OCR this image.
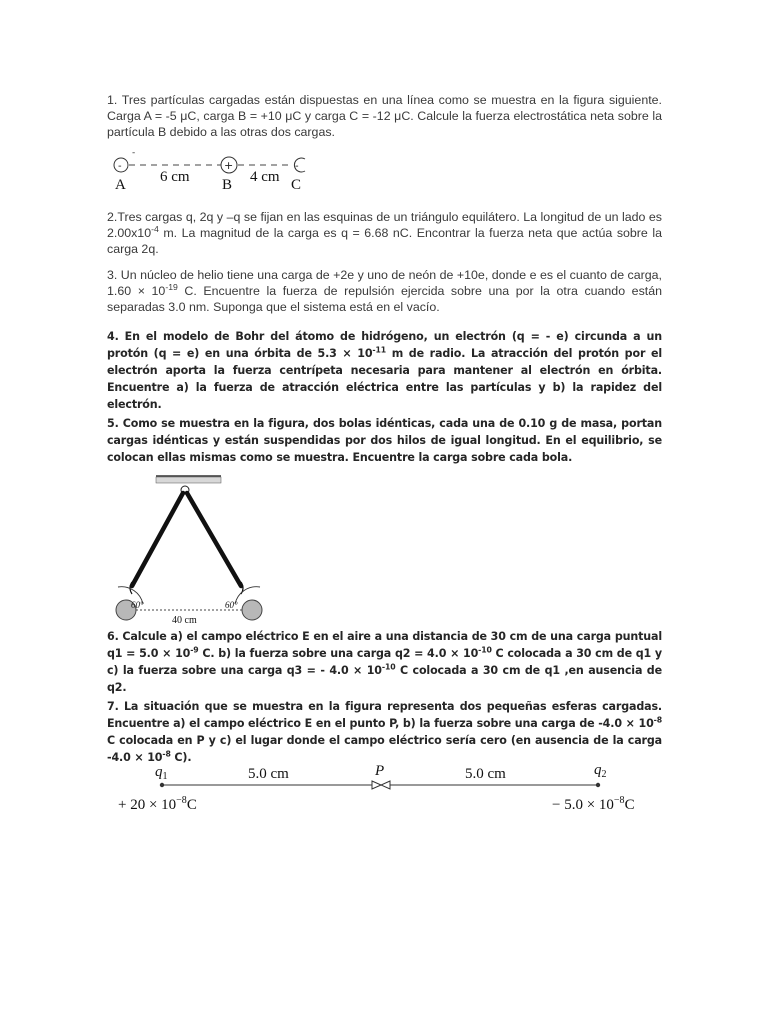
1. Tres partículas cargadas están dispuestas en una línea como se muestra en la figura siguiente. Carga A = -5 μC, carga B = +10 μC y carga C = -12 μC. Calcule la fuerza electrostática neta sobre la partícula B debido a las otras dos cargas.

-
-	+	-
A 6 cm B 4 cm C

2.Tres cargas q, 2q y –q se fijan en las esquinas de un triángulo equilátero. La longitud de un lado es $2.00x10^{-4}$ m. La magnitud de la carga es q = 6.68 nC. Encontrar la fuerza neta que actúa sobre la carga 2q.

3. Un núcleo de helio tiene una carga de +2e y uno de neón de +10e, donde e es el cuanto de carga, $1.60 \times 10^{-19}$ C. Encuentre la fuerza de repulsión ejercida sobre una por la otra cuando están separadas 3.0 nm. Suponga que el sistema está en el vacío.

4. En el modelo de Bohr del átomo de hidrógeno, un electrón (q = - e) circunda a un protón (q = e) en una órbita de $5.3 \times 10^{-11}$ m de radio. La atracción del protón por el electrón aporta la fuerza centrípeta necesaria para mantener al electrón en órbita. Encuentre a) la fuerza de atracción eléctrica entre las partículas y b) la rapidez del electrón.

5. Como se muestra en la figura, dos bolas idénticas, cada una de 0.10 g de masa, portan cargas idénticas y están suspendidas por dos hilos de igual longitud. En el equilibrio, se colocan ellas mismas como se muestra. Encuentre la carga sobre cada bola.

60°	60°
40 cm

6. Calcule a) el campo eléctrico E en el aire a una distancia de 30 cm de una carga puntual $q1 = 5.0 \times 10^{-9}$ C. b) la fuerza sobre una carga $q2 = 4.0 \times 10^{-10}$ C colocada a 30 cm de q1 y c) la fuerza sobre una carga q3 = - $4.0 \times 10^{-10}$ C colocada a 30 cm de q1 ,en ausencia de q2.

7. La situación que se muestra en la figura representa dos pequeñas esferas cargadas. Encuentre a) el campo eléctrico E en el punto P, b) la fuerza sobre una carga de $-4.0 \times 10^{-8}$ C colocada en P y c) el lugar donde el campo eléctrico sería cero (en ausencia de la carga $-4.0 \times 10^{-8}$ C).

$q_1$	5.0 cm	P	5.0 cm	$q_2$
+ $20 \times 10^{-8}C$	− $5.0 \times 10^{-8}C$
